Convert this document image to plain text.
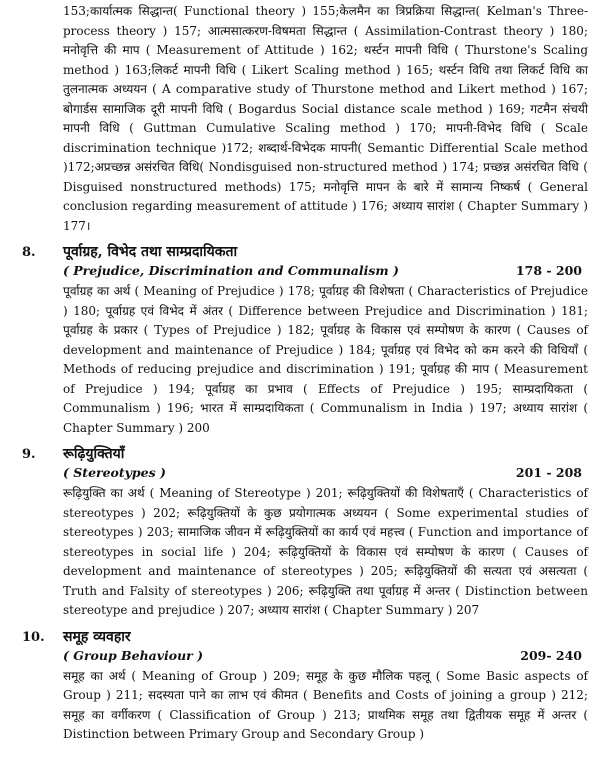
153;कार्यात्मक सिद्धान्त( Functional theory ) 155;केलमैन का त्रिप्रक्रिया सिद्धान्त( Kelman's Three-process theory ) 157; आत्मसात्करण-विषमता सिद्धान्त ( Assimilation-Contrast theory ) 180; मनोवृत्ति की माप ( Measurement of Attitude ) 162; थर्स्टन मापनी विधि ( Thurstone's Scaling method ) 163;लिकर्ट मापनी विधि ( Likert Scaling method ) 165; थर्स्टन विधि तथा लिकर्ट विधि का तुलनात्मक अध्ययन ( A comparative study of Thurstone method and Likert method ) 167; बोगार्डस सामाजिक दूरी मापनी विधि ( Bogardus Social distance scale method ) 169; गटमैन संचयी मापनी विधि ( Guttman Cumulative Scaling method ) 170; मापनी-विभेद विधि ( Scale discrimination technique )172; शब्दार्थ-विभेदक मापनी( Semantic Differential Scale method )172;अप्रच्छन्न असंरचित विधि( Nondisguised non-structured method ) 174; प्रच्छन्न असंरचित विधि ( Disguised nonstructured methods) 175; मनोवृत्ति मापन के बारे में सामान्य निष्कर्ष ( General conclusion regarding measurement of attitude ) 176; अध्याय सारांश ( Chapter Summary ) 177।

8.	पूर्वाग्रह, विभेद तथा साम्प्रदायिकता
( Prejudice, Discrimination and Communalism )	178 - 200

पूर्वाग्रह का अर्थ ( Meaning of Prejudice ) 178; पूर्वाग्रह की विशेषता ( Characteristics of Prejudice ) 180; पूर्वाग्रह एवं विभेद में अंतर ( Difference between Prejudice and Discrimination ) 181; पूर्वाग्रह के प्रकार ( Types of Prejudice ) 182; पूर्वाग्रह के विकास एवं सम्पोषण के कारण ( Causes of development and maintenance of Prejudice ) 184; पूर्वाग्रह एवं विभेद को कम करने की विधियाँ ( Methods of reducing prejudice and discrimination ) 191; पूर्वाग्रह की माप ( Measurement of Prejudice ) 194; पूर्वाग्रह का प्रभाव ( Effects of Prejudice ) 195; साम्प्रदायिकता ( Communalism ) 196; भारत में साम्प्रदायिकता ( Communalism in India ) 197; अध्याय सारांश ( Chapter Summary ) 200

9.	रूढ़ियुक्तियाँ
( Stereotypes )	201 - 208

रूढ़ियुक्ति का अर्थ ( Meaning of Stereotype ) 201; रूढ़ियुक्तियों की विशेषताएँ ( Characteristics of stereotypes ) 202; रूढ़ियुक्तियों के कुछ प्रयोगात्मक अध्ययन ( Some experimental studies of stereotypes ) 203; सामाजिक जीवन में रूढ़ियुक्तियों का कार्य एवं महत्त्व ( Function and importance of stereotypes in social life ) 204; रूढ़ियुक्तियों के विकास एवं सम्पोषण के कारण ( Causes of development and maintenance of stereotypes ) 205; रूढ़ियुक्तियों की सत्यता एवं असत्यता ( Truth and Falsity of stereotypes ) 206; रूढ़ियुक्ति तथा पूर्वाग्रह में अन्तर ( Distinction between stereotype and prejudice ) 207; अध्याय सारांश ( Chapter Summary ) 207

10.	समूह व्यवहार
( Group Behaviour )	209- 240

समूह का अर्थ ( Meaning of Group ) 209; समूह के कुछ मौलिक पहलू ( Some Basic aspects of Group ) 211; सदस्यता पाने का लाभ एवं कीमत ( Benefits and Costs of joining a group ) 212; समूह का वर्गीकरण ( Classification of Group ) 213; प्राथमिक समूह तथा द्वितीयक समूह में अन्तर ( Distinction between Primary Group and Secondary Group )
